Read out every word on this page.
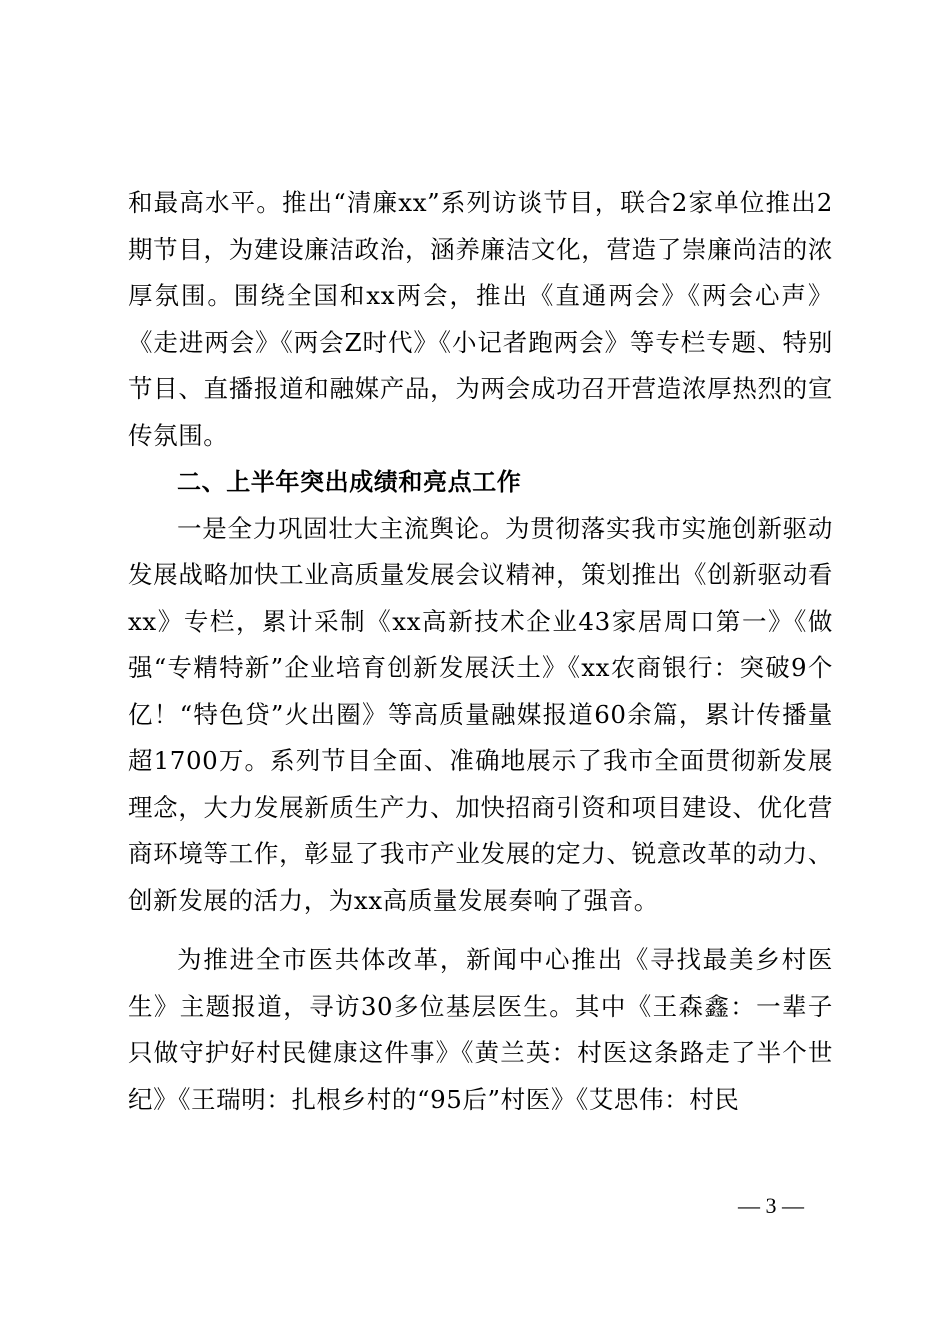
和最高水平。推出“清廉xx”系列访谈节目，联合2家单位推出2期节目，为建设廉洁政治，涵养廉洁文化，营造了崇廉尚洁的浓厚氛围。围绕全国和xx两会，推出《直通两会》《两会心声》《走进两会》《两会Z时代》《小记者跑两会》等专栏专题、特别节目、直播报道和融媒产品，为两会成功召开营造浓厚热烈的宣传氛围。

二、上半年突出成绩和亮点工作

一是全力巩固壮大主流舆论。为贯彻落实我市实施创新驱动发展战略加快工业高质量发展会议精神，策划推出《创新驱动看xx》专栏，累计采制《xx高新技术企业43家居周口第一》《做强“专精特新”企业培育创新发展沃土》《xx农商银行：突破9个亿！“特色贷”火出圈》等高质量融媒报道60余篇，累计传播量超1700万。系列节目全面、准确地展示了我市全面贯彻新发展理念，大力发展新质生产力、加快招商引资和项目建设、优化营商环境等工作，彰显了我市产业发展的定力、锐意改革的动力、创新发展的活力，为xx高质量发展奏响了强音。

为推进全市医共体改革，新闻中心推出《寻找最美乡村医生》主题报道，寻访30多位基层医生。其中《王森鑫：一辈子只做守护好村民健康这件事》《黄兰英：村医这条路走了半个世纪》《王瑞明：扎根乡村的“95后”村医》《艾思伟：村民

— 3 —
